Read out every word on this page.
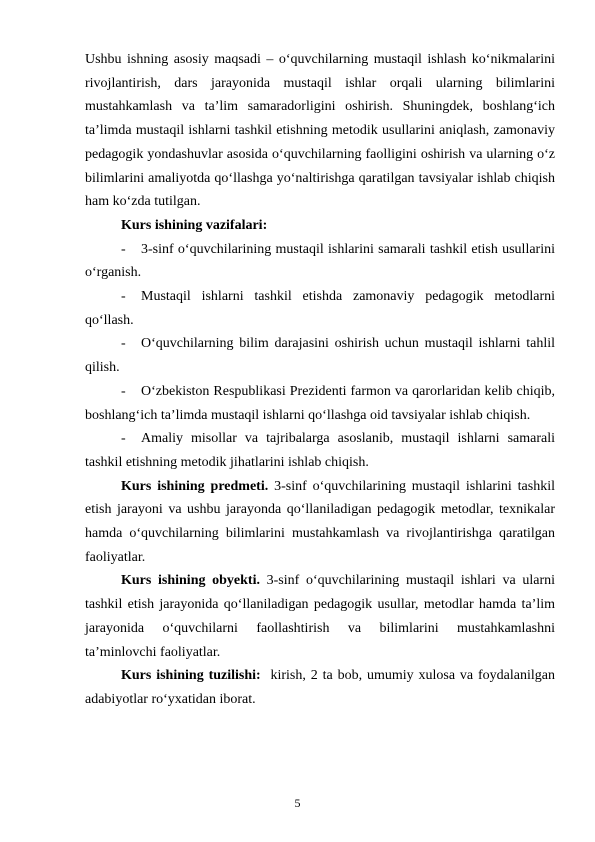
Ushbu ishning asosiy maqsadi – o‘quvchilarning mustaqil ishlash ko‘nikmalarini rivojlantirish, dars jarayonida mustaqil ishlar orqali ularning bilimlarini mustahkamlash va ta’lim samaradorligini oshirish. Shuningdek, boshlang‘ich ta’limda mustaqil ishlarni tashkil etishning metodik usullarini aniqlash, zamonaviy pedagogik yondashuvlar asosida o‘quvchilarning faolligini oshirish va ularning o‘z bilimlarini amaliyotda qo‘llashga yo‘naltirishga qaratilgan tavsiyalar ishlab chiqish ham ko‘zda tutilgan.

Kurs ishining vazifalari:

- 3-sinf o‘quvchilarining mustaqil ishlarini samarali tashkil etish usullarini o‘rganish.

- Mustaqil ishlarni tashkil etishda zamonaviy pedagogik metodlarni qo‘llash.

- O‘quvchilarning bilim darajasini oshirish uchun mustaqil ishlarni tahlil qilish.

- O‘zbekiston Respublikasi Prezidenti farmon va qarorlaridan kelib chiqib, boshlang‘ich ta’limda mustaqil ishlarni qo‘llashga oid tavsiyalar ishlab chiqish.

- Amaliy misollar va tajribalarga asoslanib, mustaqil ishlarni samarali tashkil etishning metodik jihatlarini ishlab chiqish.

Kurs ishining predmeti. 3-sinf o‘quvchilarining mustaqil ishlarini tashkil etish jarayoni va ushbu jarayonda qo‘llaniladigan pedagogik metodlar, texnikalar hamda o‘quvchilarning bilimlarini mustahkamlash va rivojlantirishga qaratilgan faoliyatlar.

Kurs ishining obyekti. 3-sinf o‘quvchilarining mustaqil ishlari va ularni tashkil etish jarayonida qo‘llaniladigan pedagogik usullar, metodlar hamda ta’lim jarayonida o‘quvchilarni faollashtirish va bilimlarini mustahkamlashni ta’minlovchi faoliyatlar.

Kurs ishining tuzilishi:  kirish, 2 ta bob, umumiy xulosa va foydalanilgan adabiyotlar ro‘yxatidan iborat.

5
